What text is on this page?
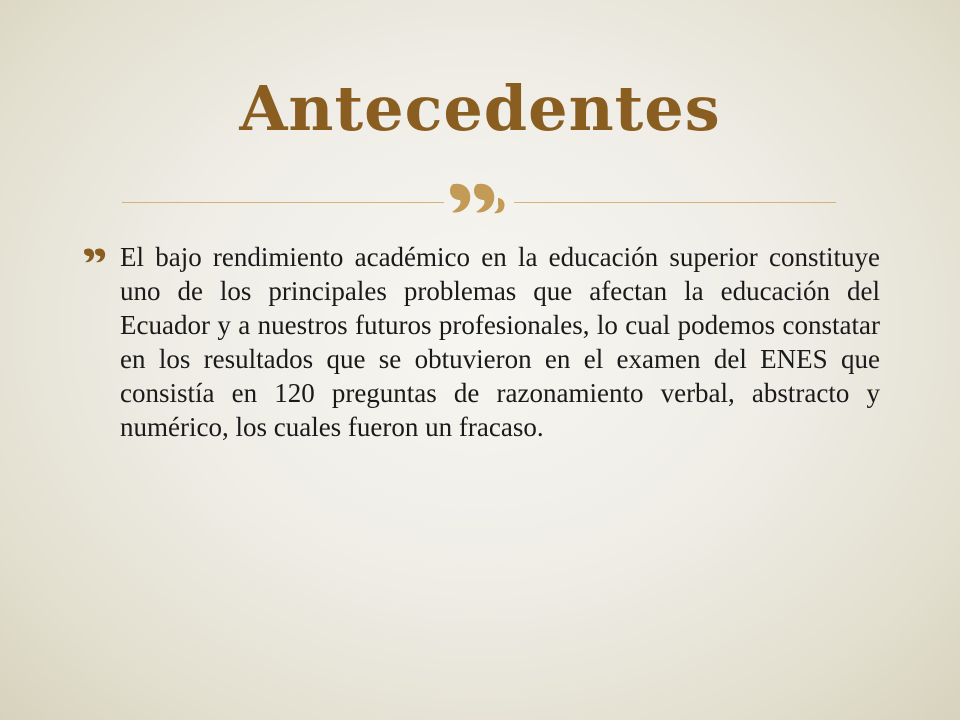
Antecedentes

El bajo rendimiento académico en la educación superior constituye uno de los principales problemas que afectan la educación del Ecuador y a nuestros futuros profesionales, lo cual podemos constatar en los resultados que se obtuvieron en el examen del ENES que consistía en 120 preguntas de razonamiento verbal, abstracto y numérico, los cuales fueron un fracaso.
